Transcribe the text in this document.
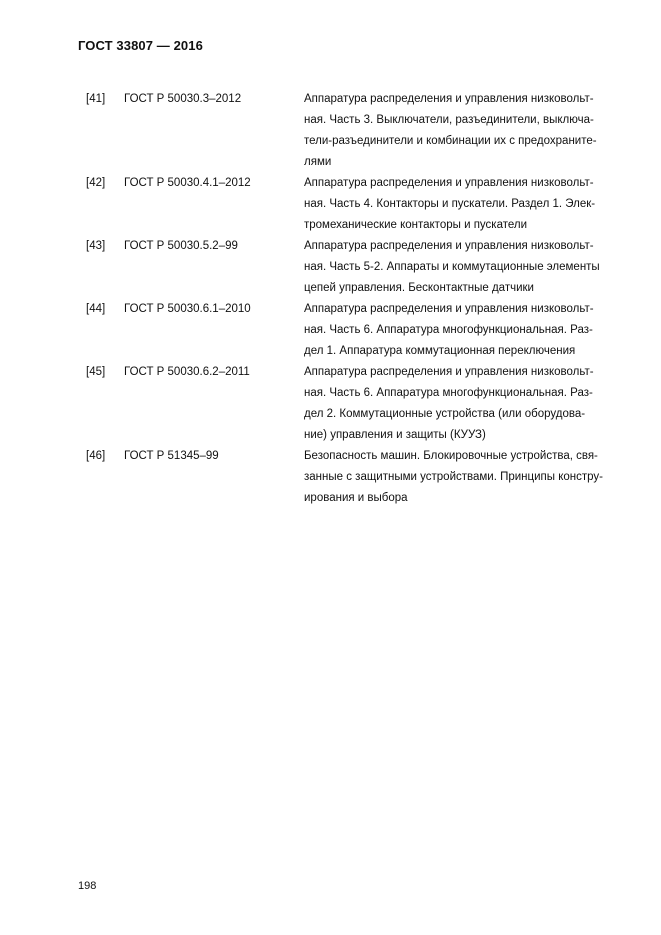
ГОСТ 33807 — 2016
[41] ГОСТ Р 50030.3–2012	Аппаратура распределения и управления низковольт-
ная. Часть 3. Выключатели, разъединители, выключа-
тели-разъединители и комбинации их с предохраните-
лями
[42] ГОСТ Р 50030.4.1–2012	Аппаратура распределения и управления низковольт-
ная. Часть 4. Контакторы и пускатели. Раздел 1. Элек-
тромеханические контакторы и пускатели
[43] ГОСТ Р 50030.5.2–99	Аппаратура распределения и управления низковольт-
ная. Часть 5-2. Аппараты и коммутационные элементы
цепей управления. Бесконтактные датчики
[44] ГОСТ Р 50030.6.1–2010	Аппаратура распределения и управления низковольт-
ная. Часть 6. Аппаратура многофункциональная. Раз-
дел 1. Аппаратура коммутационная переключения
[45] ГОСТ Р 50030.6.2–2011	Аппаратура распределения и управления низковольт-
ная. Часть 6. Аппаратура многофункциональная. Раз-
дел 2. Коммутационные устройства (или оборудова-
ние) управления и защиты (КУУЗ)
[46] ГОСТ Р 51345–99	Безопасность машин. Блокировочные устройства, свя-
занные с защитными устройствами. Принципы констру-
ирования и выбора
198
